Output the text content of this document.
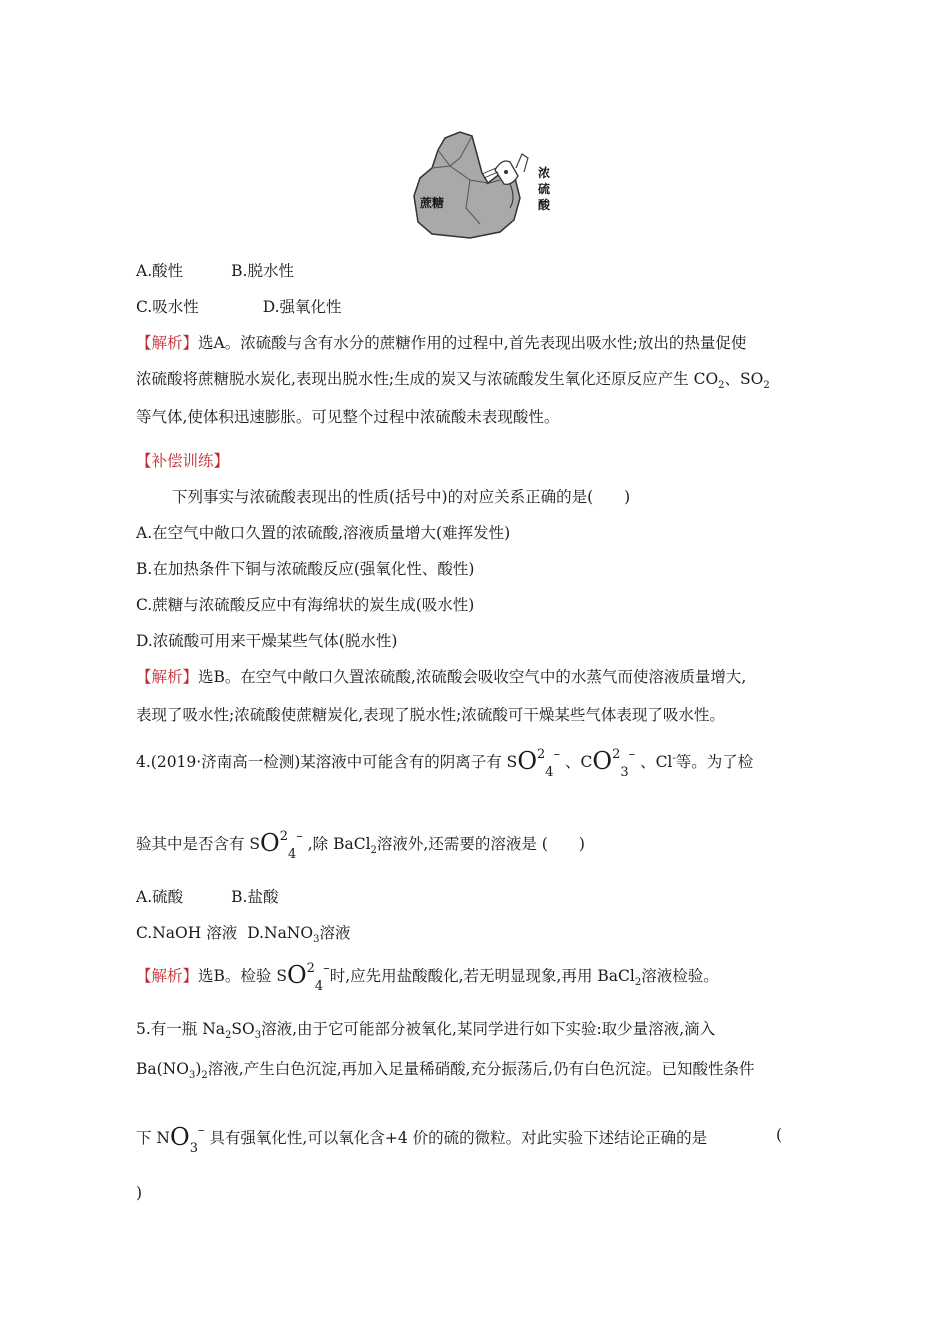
蔗糖
浓
硫
酸
A.酸性	B.脱水性
C.吸水性	D.强氧化性
【解析】选A。浓硫酸与含有水分的蔗糖作用的过程中,首先表现出吸水性;放出的热量促使
浓硫酸将蔗糖脱水炭化,表现出脱水性;生成的炭又与浓硫酸发生氧化还原反应产生 $CO_2$、$SO_2$
等气体,使体积迅速膨胀。可见整个过程中浓硫酸未表现酸性。
【补偿训练】
下列事实与浓硫酸表现出的性质(括号中)的对应关系正确的是(　　)
A.在空气中敞口久置的浓硫酸,溶液质量增大(难挥发性)
B.在加热条件下铜与浓硫酸反应(强氧化性、酸性)
C.蔗糖与浓硫酸反应中有海绵状的炭生成(吸水性)
D.浓硫酸可用来干燥某些气体(脱水性)
【解析】选B。在空气中敞口久置浓硫酸,浓硫酸会吸收空气中的水蒸气而使溶液质量增大,
表现了吸水性;浓硫酸使蔗糖炭化,表现了脱水性;浓硫酸可干燥某些气体表现了吸水性。
4.(2019·济南高一检测)某溶液中可能含有的阴离子有 $SO^2_4^-$ 、$CO^2_3^-$ 、Cl-等。为了检
验其中是否含有 $SO^2_4^-$ ,除 BaCl$_2$溶液外,还需要的溶液是 (　　)
A.硫酸	B.盐酸
C.NaOH 溶液 D.NaNO$_3$溶液
【解析】选B。检验 $SO^2_4^-$时,应先用盐酸酸化,若无明显现象,再用 BaCl$_2$溶液检验。
5.有一瓶 $Na_2SO_3$溶液,由于它可能部分被氧化,某同学进行如下实验:取少量溶液,滴入
$Ba(NO_3)_2$溶液,产生白色沉淀,再加入足量稀硝酸,充分振荡后,仍有白色沉淀。已知酸性条件
下 $NO_3^-$ 具有强氧化性,可以氧化含+4 价的硫的微粒。对此实验下述结论正确的是	(
)
